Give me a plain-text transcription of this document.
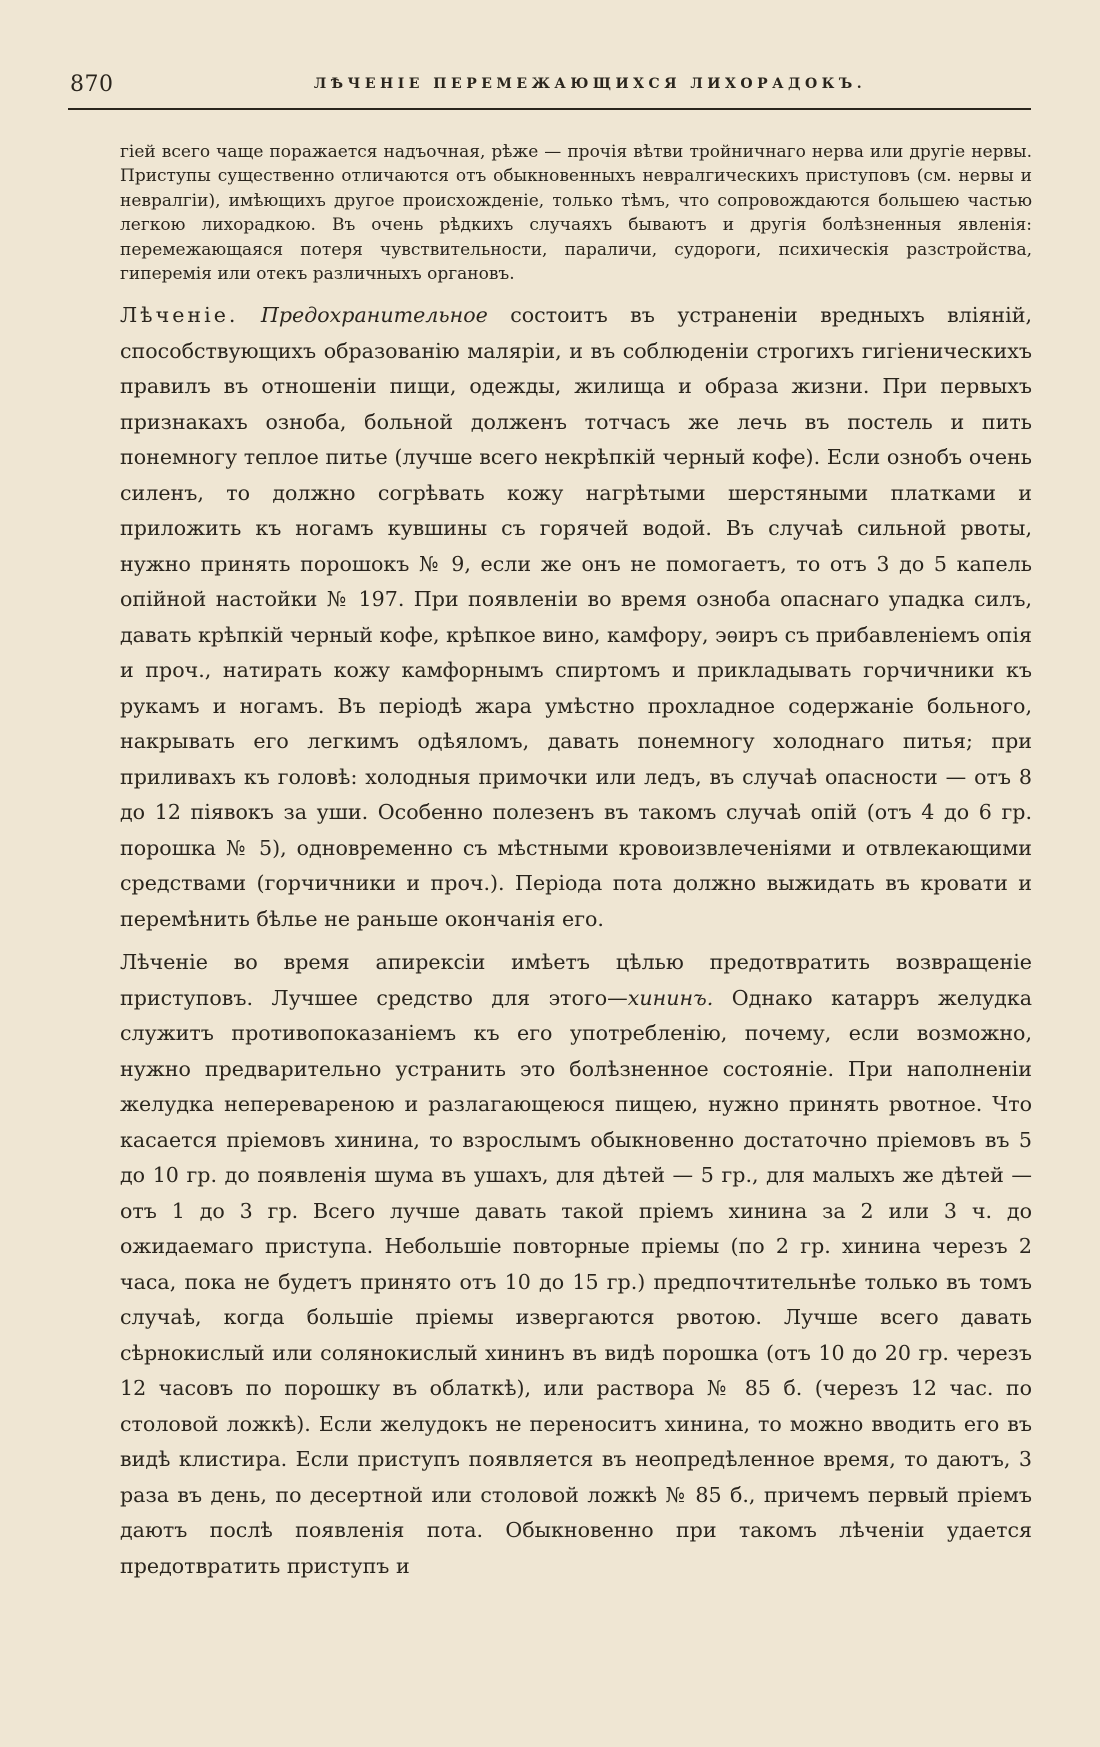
870	ЛѢЧЕНІЕ ПЕРЕМЕЖАЮЩИХСЯ ЛИХОРАДОКЪ.

гіей всего чаще поражается надъочная, рѣже — прочія вѣтви тройничнаго нерва или другіе нервы. Приступы существенно отличаются отъ обыкновенныхъ невралгическихъ приступовъ (см. нервы и невралгіи), имѣющихъ другое происхожденіе, только тѣмъ, что сопровождаются большею частью легкою лихорадкою. Въ очень рѣдкихъ случаяхъ бываютъ и другія болѣзненныя явленія: перемежающаяся потеря чувствительности, параличи, судороги, психическія разстройства, гиперемія или отекъ различныхъ органовъ.

Лѣченіе. Предохранительное состоитъ въ устраненіи вредныхъ вліяній, способствующихъ образованію маляріи, и въ соблюденіи строгихъ гигіеническихъ правилъ въ отношеніи пищи, одежды, жилища и образа жизни. При первыхъ признакахъ озноба, больной долженъ тотчасъ же лечь въ постель и пить понемногу теплое питье (лучше всего некрѣпкій черный кофе). Если ознобъ очень силенъ, то должно согрѣвать кожу нагрѣтыми шерстяными платками и приложить къ ногамъ кувшины съ горячей водой. Въ случаѣ сильной рвоты, нужно принять порошокъ № 9, если же онъ не помогаетъ, то отъ 3 до 5 капель опійной настойки № 197. При появленіи во время озноба опаснаго упадка силъ, давать крѣпкій черный кофе, крѣпкое вино, камфору, эѳиръ съ прибавленіемъ опія и проч., натирать кожу камфорнымъ спиртомъ и прикладывать горчичники къ рукамъ и ногамъ. Въ періодѣ жара умѣстно прохладное содержаніе больного, накрывать его легкимъ одѣяломъ, давать понемногу холоднаго питья; при приливахъ къ головѣ: холодныя примочки или ледъ, въ случаѣ опасности — отъ 8 до 12 піявокъ за уши. Особенно полезенъ въ такомъ случаѣ опій (отъ 4 до 6 гр. порошка № 5), одновременно съ мѣстными кровоизвлеченіями и отвлекающими средствами (горчичники и проч.). Періода пота должно выжидать въ кровати и перемѣнить бѣлье не раньше окончанія его.

Лѣченіе во время апирексіи имѣетъ цѣлью предотвратить возвращеніе приступовъ. Лучшее средство для этого—хининъ. Однако катарръ желудка служитъ противопоказаніемъ къ его употребленію, почему, если возможно, нужно предварительно устранить это болѣзненное состояніе. При наполненіи желудка неперевареною и разлагающеюся пищею, нужно принять рвотное. Что касается пріемовъ хинина, то взрослымъ обыкновенно достаточно пріемовъ въ 5 до 10 гр. до появленія шума въ ушахъ, для дѣтей — 5 гр., для малыхъ же дѣтей — отъ 1 до 3 гр. Всего лучше давать такой пріемъ хинина за 2 или 3 ч. до ожидаемаго приступа. Небольшіе повторные пріемы (по 2 гр. хинина черезъ 2 часа, пока не будетъ принято отъ 10 до 15 гр.) предпочтительнѣе только въ томъ случаѣ, когда большіе пріемы извергаются рвотою. Лучше всего давать сѣрнокислый или солянокислый хининъ въ видѣ порошка (отъ 10 до 20 гр. черезъ 12 часовъ по порошку въ облаткѣ), или раствора № 85 б. (черезъ 12 час. по столовой ложкѣ). Если желудокъ не переноситъ хинина, то можно вводить его въ видѣ клистира. Если приступъ появляется въ неопредѣленное время, то даютъ, 3 раза въ день, по десертной или столовой ложкѣ № 85 б., причемъ первый пріемъ даютъ послѣ появленія пота. Обыкновенно при такомъ лѣченіи удается предотвратить приступъ и
